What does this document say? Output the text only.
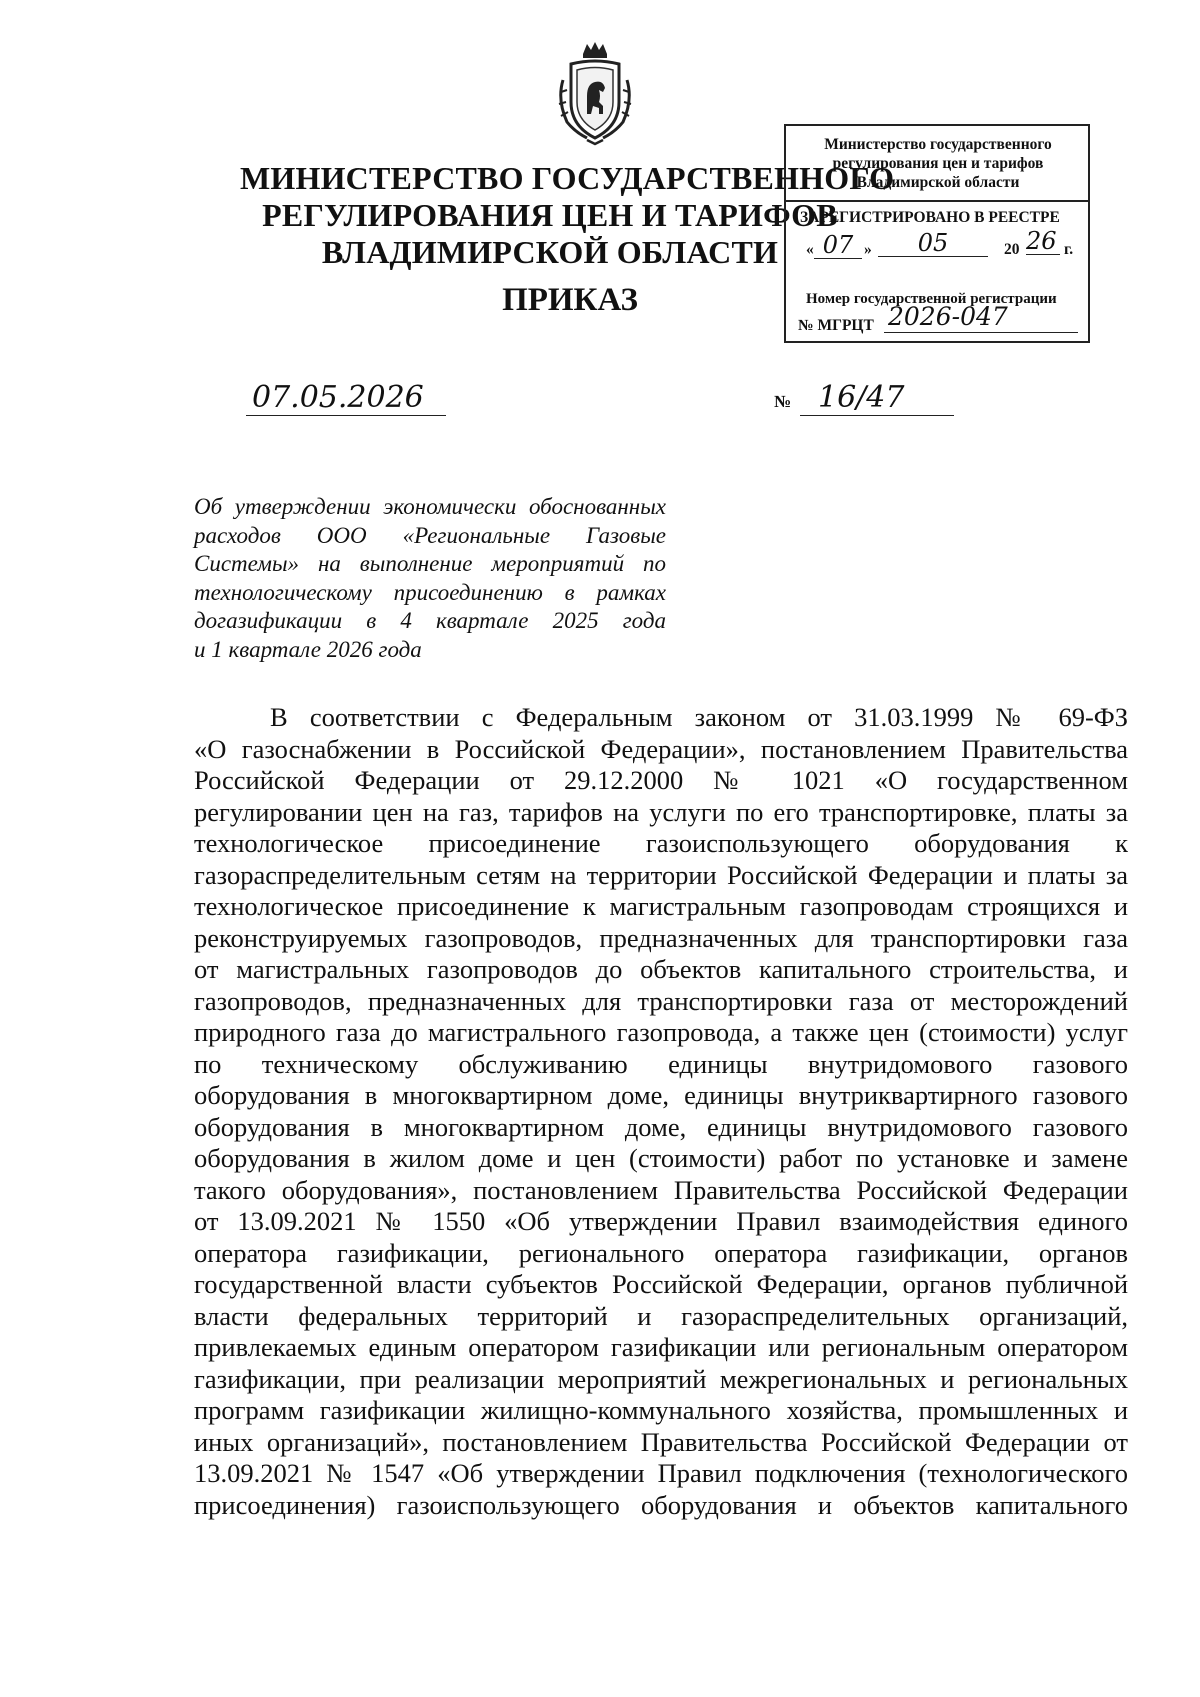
МИНИСТЕРСТВО ГОСУДАРСТВЕННОГО
РЕГУЛИРОВАНИЯ ЦЕН И ТАРИФОВ
ВЛАДИМИРСКОЙ ОБЛАСТИ
ПРИКАЗ
Министерство государственного
регулирования цен и тарифов
Владимирской области
ЗАРЕГИСТРИРОВАНО В РЕЕСТРЕ
« 07 »	05	20 26 г.
Номер государственной регистрации
№ МГРЦТ 2026-047
07.05.2026	№ 16/47
Об утверждении экономически обоснованных
расходов ООО «Региональные Газовые
Системы» на выполнение мероприятий по
технологическому присоединению в рамках
догазификации в 4 квартале 2025 года
и 1 квартале 2026 года
В соответствии с Федеральным законом от 31.03.1999 № 69-ФЗ
«О газоснабжении в Российской Федерации», постановлением Правительства
Российской Федерации от 29.12.2000 № 1021 «О государственном
регулировании цен на газ, тарифов на услуги по его транспортировке, платы за
технологическое присоединение газоиспользующего оборудования к
газораспределительным сетям на территории Российской Федерации и платы за
технологическое присоединение к магистральным газопроводам строящихся и
реконструируемых газопроводов, предназначенных для транспортировки газа
от магистральных газопроводов до объектов капитального строительства, и
газопроводов, предназначенных для транспортировки газа от месторождений
природного газа до магистрального газопровода, а также цен (стоимости) услуг
по техническому обслуживанию единицы внутридомового газового
оборудования в многоквартирном доме, единицы внутриквартирного газового
оборудования в многоквартирном доме, единицы внутридомового газового
оборудования в жилом доме и цен (стоимости) работ по установке и замене
такого оборудования», постановлением Правительства Российской Федерации
от 13.09.2021 № 1550 «Об утверждении Правил взаимодействия единого
оператора газификации, регионального оператора газификации, органов
государственной власти субъектов Российской Федерации, органов публичной
власти федеральных территорий и газораспределительных организаций,
привлекаемых единым оператором газификации или региональным оператором
газификации, при реализации мероприятий межрегиональных и региональных
программ газификации жилищно-коммунального хозяйства, промышленных и
иных организаций», постановлением Правительства Российской Федерации от
13.09.2021 № 1547 «Об утверждении Правил подключения (технологического
присоединения) газоиспользующего оборудования и объектов капитального
